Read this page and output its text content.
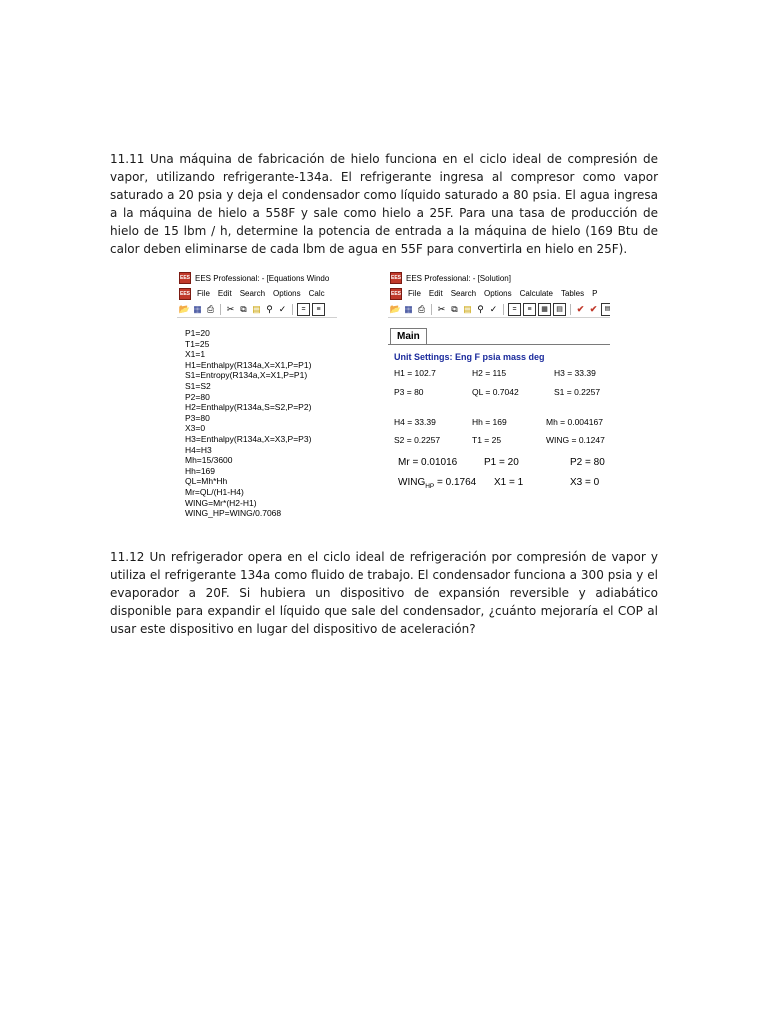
11.11 Una máquina de fabricación de hielo funciona en el ciclo ideal de compresión de vapor, utilizando refrigerante-134a. El refrigerante ingresa al compresor como vapor saturado a 20 psia y deja el condensador como líquido saturado a 80 psia. El agua ingresa a la máquina de hielo a 558F y sale como hielo a 25F. Para una tasa de producción de hielo de 15 lbm / h, determine la potencia de entrada a la máquina de hielo (169 Btu de calor deben eliminarse de cada lbm de agua en 55F para convertirla en hielo en 25F).
EES EES Professional: - [Equations Windo
EES File Edit Search Options Calc
📂 ▦ ⎙ ✂ ⧉ ▤ ⚲ ✓	=	≡
P1=20
T1=25
X1=1
H1=Enthalpy(R134a,X=X1,P=P1)
S1=Entropy(R134a,X=X1,P=P1)
S1=S2
P2=80
H2=Enthalpy(R134a,S=S2,P=P2)
P3=80
X3=0
H3=Enthalpy(R134a,X=X3,P=P3)
H4=H3
Mh=15/3600
Hh=169
QL=Mh*Hh
Mr=QL/(H1-H4)
WING=Mr*(H2-H1)
WING_HP=WING/0.7068
EES EES Professional: - [Solution]
EES File Edit Search Options Calculate Tables P
📂 ▦ ⎙ ✂ ⧉ ▤ ⚲ ✓	=	≡	▦	▤	✔ ✔	▤
Main
Unit Settings: Eng F psia mass deg
H1 = 102.7	H2 = 115	H3 = 33.39
P3 = 80	QL = 0.7042	S1 = 0.2257
H4 = 33.39	Hh = 169	Mh = 0.004167
S2 = 0.2257	T1 = 25	WING = 0.1247
Mr = 0.01016	P1 = 20	P2 = 80
$WING_{HP} = 0.1764$ X1 = 1	X3 = 0
11.12 Un refrigerador opera en el ciclo ideal de refrigeración por compresión de vapor y utiliza el refrigerante 134a como fluido de trabajo. El condensador funciona a 300 psia y el evaporador a 20F. Si hubiera un dispositivo de expansión reversible y adiabático disponible para expandir el líquido que sale del condensador, ¿cuánto mejoraría el COP al usar este dispositivo en lugar del dispositivo de aceleración?
